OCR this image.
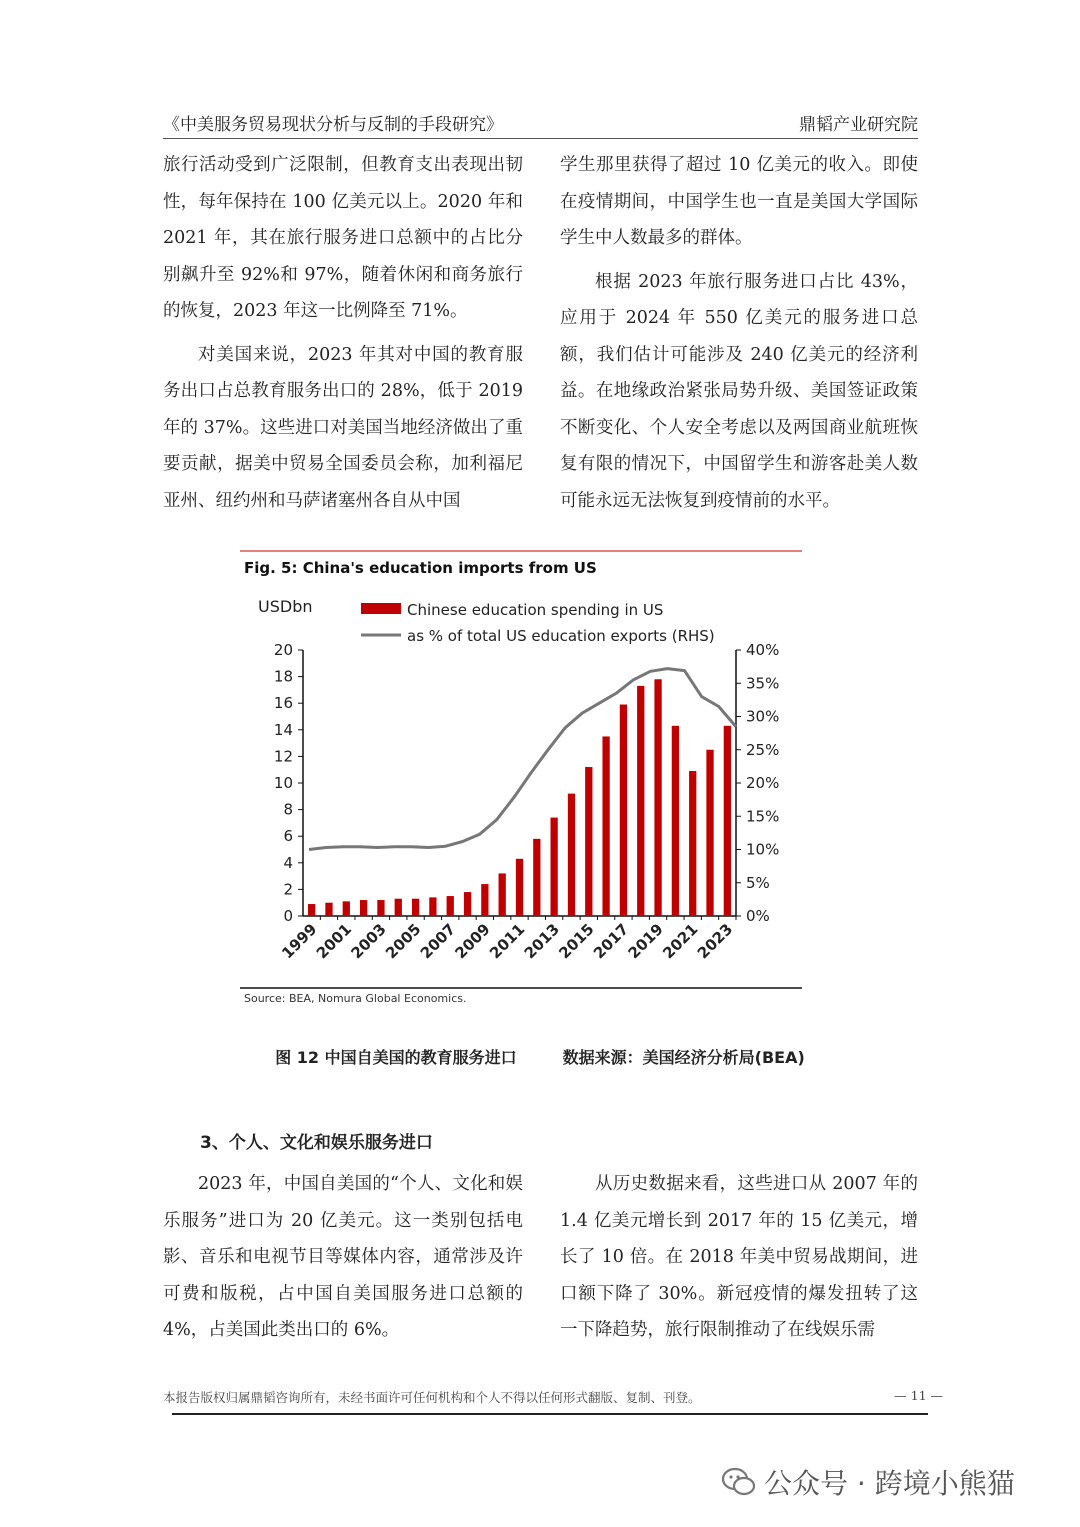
《中美服务贸易现状分析与反制的手段研究》	鼎韬产业研究院

旅行活动受到广泛限制，但教育支出表现出韧性，每年保持在 100 亿美元以上。2020 年和 2021 年，其在旅行服务进口总额中的占比分别飙升至 92%和 97%，随着休闲和商务旅行的恢复，2023 年这一比例降至 71%。

对美国来说，2023 年其对中国的教育服务出口占总教育服务出口的 28%，低于 2019 年的 37%。这些进口对美国当地经济做出了重要贡献，据美中贸易全国委员会称，加利福尼亚州、纽约州和马萨诸塞州各自从中国

学生那里获得了超过 10 亿美元的收入。即使在疫情期间，中国学生也一直是美国大学国际学生中人数最多的群体。

根据 2023 年旅行服务进口占比 43%，应用于 2024 年 550 亿美元的服务进口总额，我们估计可能涉及 240 亿美元的经济利益。在地缘政治紧张局势升级、美国签证政策不断变化、个人安全考虑以及两国商业航班恢复有限的情况下，中国留学生和游客赴美人数可能永远无法恢复到疫情前的水平。

Fig. 5: China's education imports from US
USDbn	Chinese education spending in US
as % of total US education exports (RHS)
0
2
4
6
8
10
12
14
16
18
20
0%
5%
10%
15%
20%
25%
30%
35%
40%
1999
2001
2003
2005
2007
2009
2011
2013
2015
2017
2019
2021
2023
Source: BEA, Nomura Global Economics.
图 12 中国自美国的教育服务进口	数据来源：美国经济分析局(BEA)
3、个人、文化和娱乐服务进口

2023 年，中国自美国的“个人、文化和娱乐服务”进口为 20 亿美元。这一类别包括电影、音乐和电视节目等媒体内容，通常涉及许可费和版税，占中国自美国服务进口总额的 4%，占美国此类出口的 6%。

从历史数据来看，这些进口从 2007 年的 1.4 亿美元增长到 2017 年的 15 亿美元，增长了 10 倍。在 2018 年美中贸易战期间，进口额下降了 30%。新冠疫情的爆发扭转了这一下降趋势，旅行限制推动了在线娱乐需

本报告版权归属鼎韬咨询所有，未经书面许可任何机构和个人不得以任何形式翻版、复制、刊登。	— 11 —
公众号 · 跨境小熊猫
